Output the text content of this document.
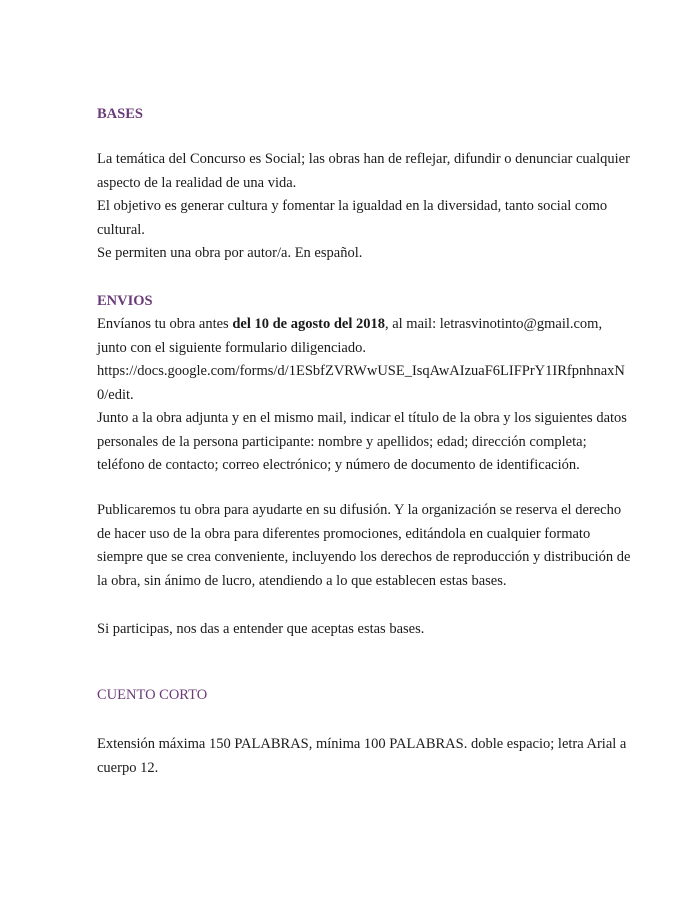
BASES
La temática del Concurso es Social; las obras han de reflejar, difundir o denunciar cualquier
aspecto de la realidad de una vida.
El objetivo es generar cultura y fomentar la igualdad en la diversidad, tanto social como
cultural.
Se permiten una obra por autor/a. En español.
ENVIOS
Envíanos tu obra antes del 10 de agosto del 2018, al mail: letrasvinotinto@gmail.com,
junto con el siguiente formulario diligenciado.
https://docs.google.com/forms/d/1ESbfZVRWwUSE_IsqAwAIzuaF6LIFPrY1IRfpnhnaxN
0/edit.
Junto a la obra adjunta y en el mismo mail, indicar el título de la obra y los siguientes datos
personales de la persona participante: nombre y apellidos; edad; dirección completa;
teléfono de contacto; correo electrónico; y número de documento de identificación.
Publicaremos tu obra para ayudarte en su difusión. Y la organización se reserva el derecho
de hacer uso de la obra para diferentes promociones, editándola en cualquier formato
siempre que se crea conveniente, incluyendo los derechos de reproducción y distribución de
la obra, sin ánimo de lucro, atendiendo a lo que establecen estas bases.
Si participas, nos das a entender que aceptas estas bases.
CUENTO CORTO
Extensión máxima 150 PALABRAS, mínima 100 PALABRAS. doble espacio; letra Arial a
cuerpo 12.
